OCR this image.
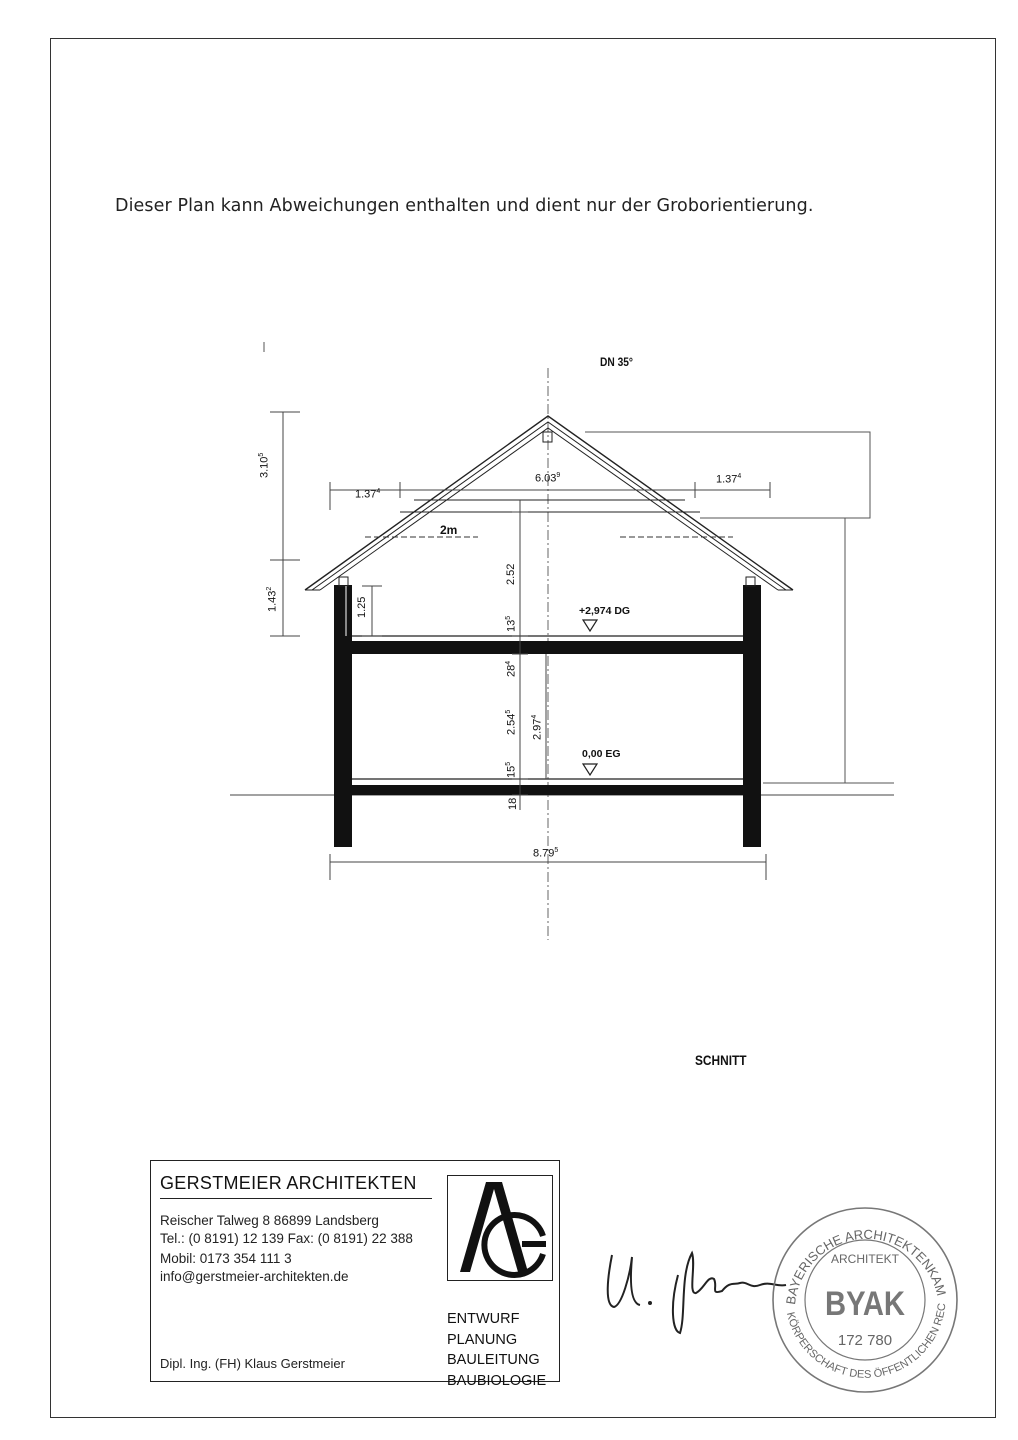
Dieser Plan kann Abweichungen enthalten und dient nur der Groborientierung.
DN 35°
6.03$^9$
1.37$^4$
1.37$^4$
2m
3.10$^5$
1.43$^2$
1.25
2.52
$13^5$
$28^4$
2.54$^5$
2.97$^4$
$15^5$
18
+2,974 DG
0,00 EG
8.79$^5$
SCHNITT
GERSTMEIER ARCHITEKTEN
Reischer Talweg 8 86899 Landsberg
Tel.: (0 8191) 12 139 Fax: (0 8191) 22 388
Mobil: 0173 354 111 3
info@gerstmeier-architekten.de
Dipl. Ing. (FH) Klaus Gerstmeier
ENTWURF
PLANUNG
BAULEITUNG
BAUBIOLOGIE
BAYERISCHE ARCHITEKTENKAM
KÖRPERSCHAFT DES ÖFFENTLICHEN REC
ARCHITEKT
BYAK
172 780
